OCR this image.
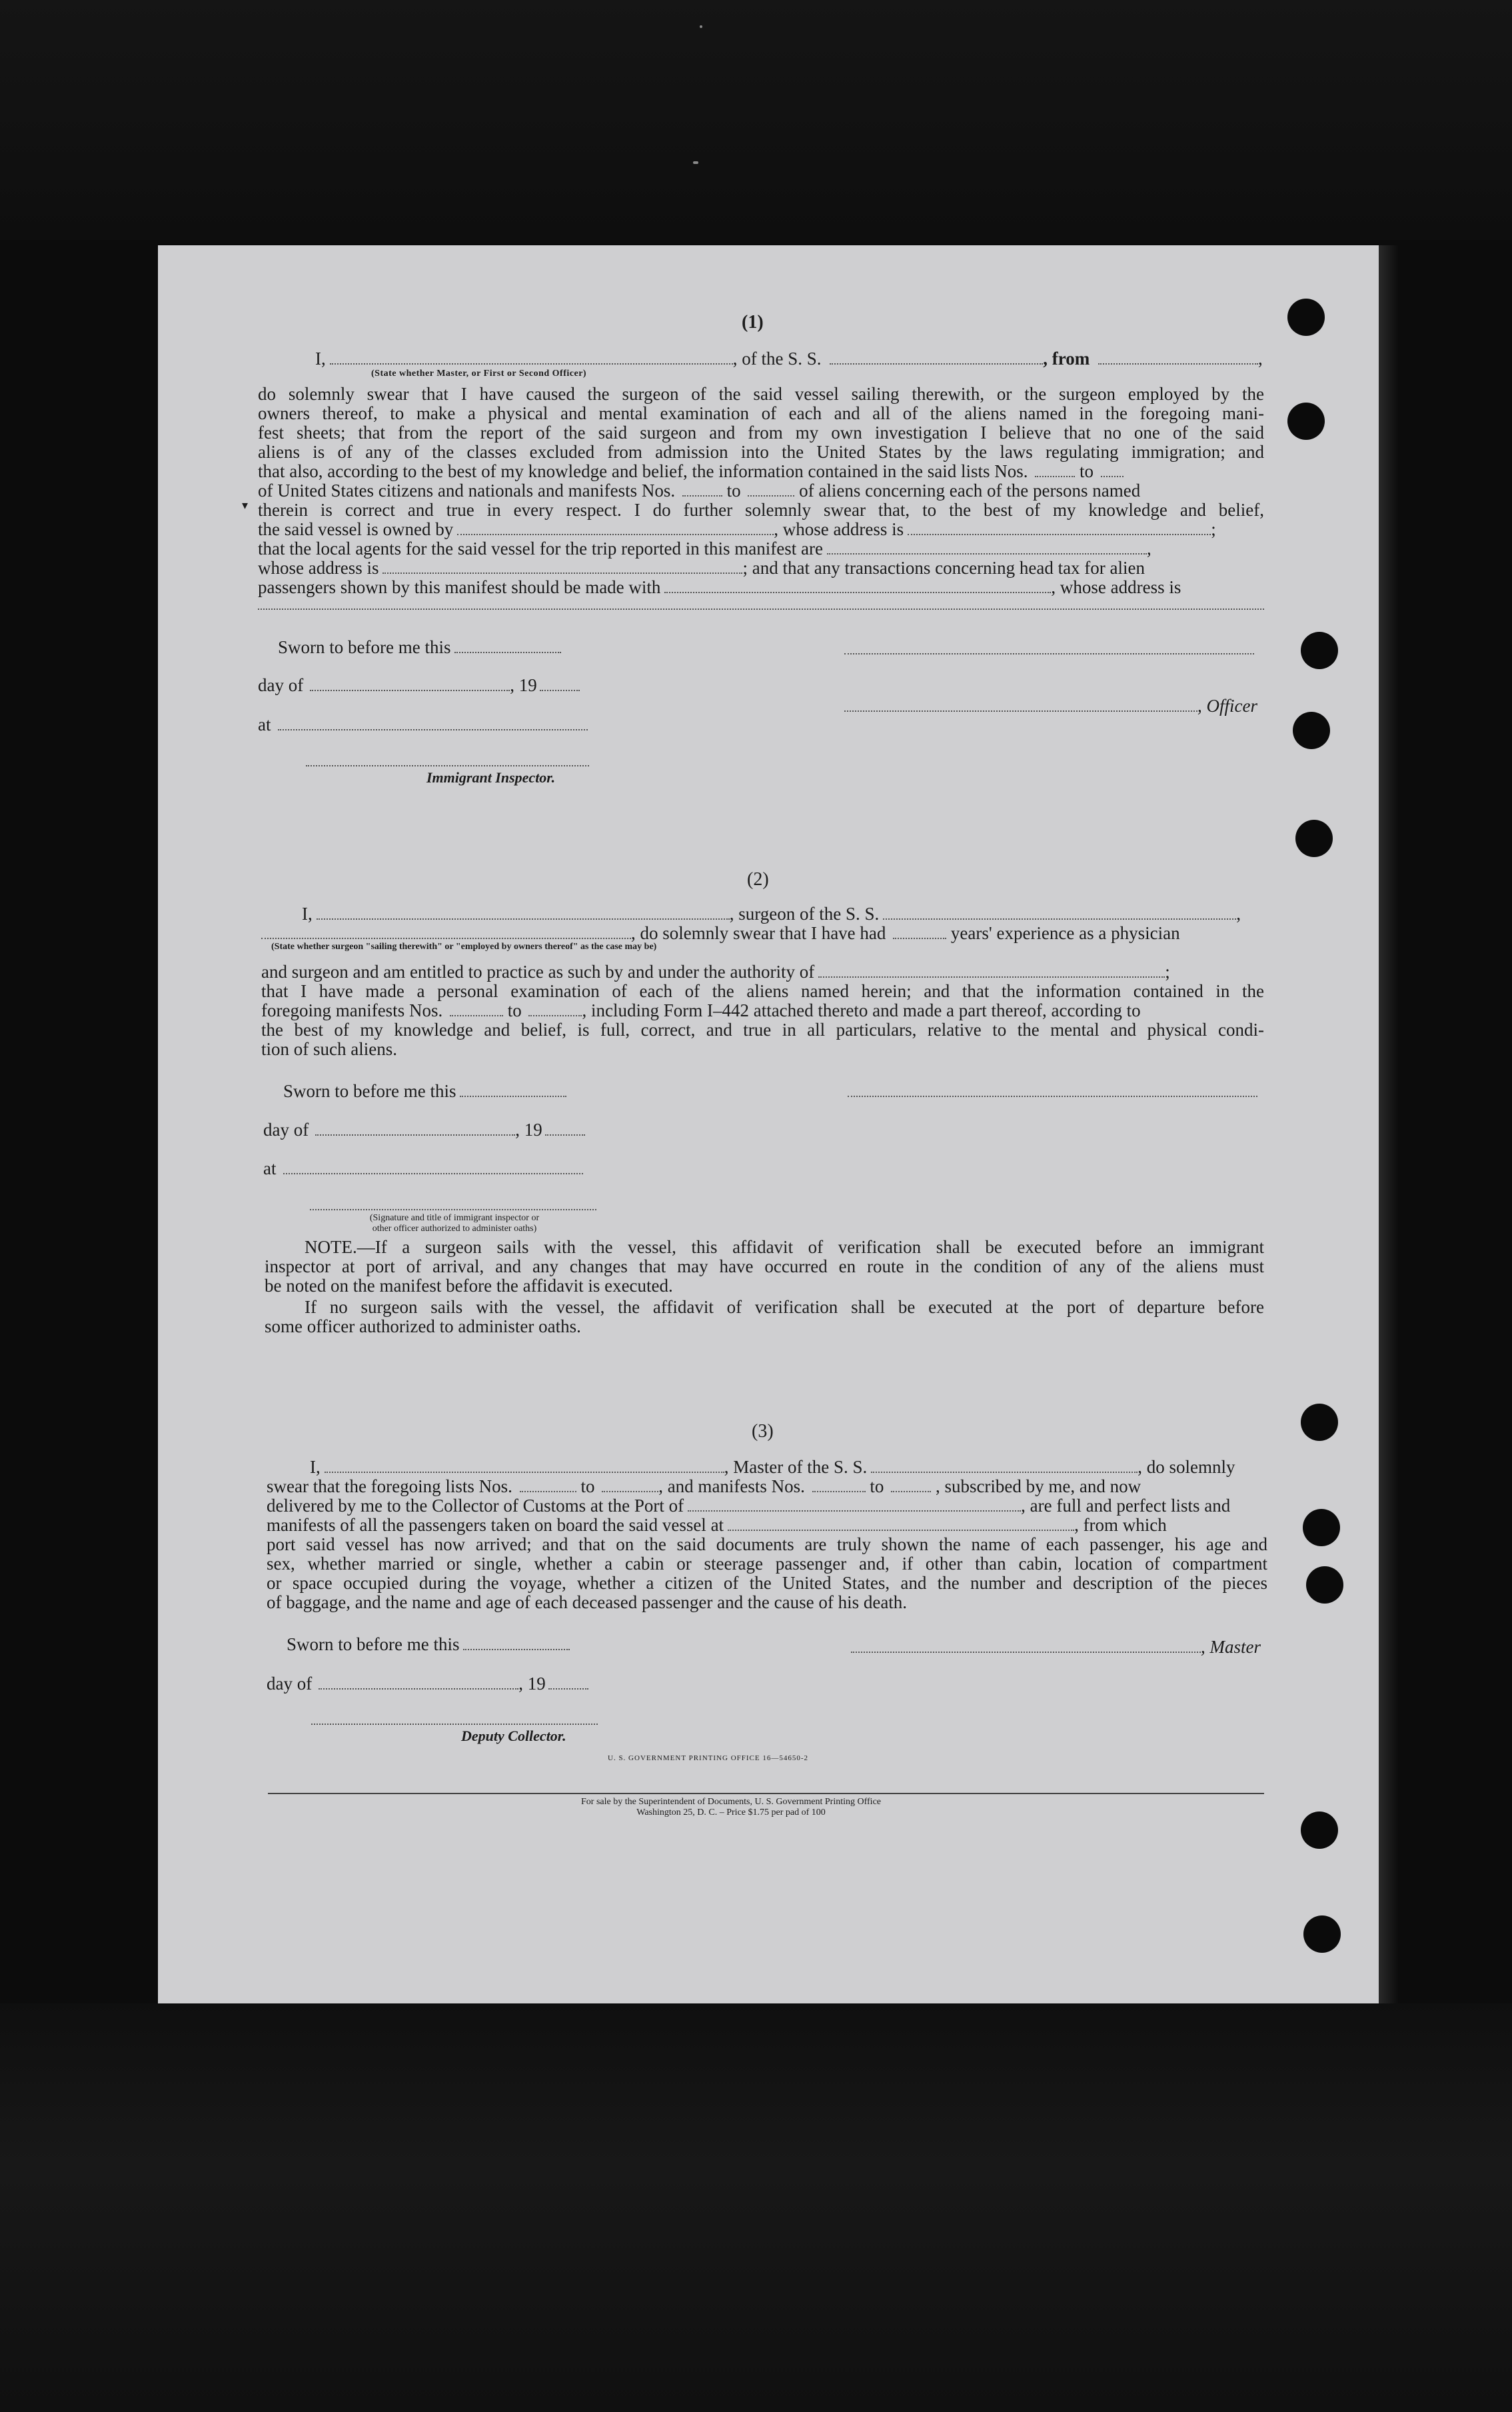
(1)
I,	, of the S. S.	, from	,
(State whether Master, or First or Second Officer)
do solemnly swear that I have caused the surgeon of the said vessel sailing therewith, or the surgeon employed by the
owners thereof, to make a physical and mental examination of each and all of the aliens named in the foregoing mani-
fest sheets; that from the report of the said surgeon and from my own investigation I believe that no one of the said
aliens is of any of the classes excluded from admission into the United States by the laws regulating immigration; and
that also, according to the best of my knowledge and belief, the information contained in the said lists Nos.	to
of United States citizens and nationals and manifests Nos.	to	of aliens concerning each of the persons named
therein is correct and true in every respect. I do further solemnly swear that, to the best of my knowledge and belief,
the said vessel is owned by	, whose address is	;
that the local agents for the said vessel for the trip reported in this manifest are	,
whose address is	; and that any transactions concerning head tax for alien
passengers shown by this manifest should be made with	, whose address is
Sworn to before me this
day of	, 19
, Officer
at
Immigrant Inspector.
(2)
I,	, surgeon of the S. S.	,
, do solemnly swear that I have had	years' experience as a physician
(State whether surgeon "sailing therewith" or "employed by owners thereof" as the case may be)
and surgeon and am entitled to practice as such by and under the authority of	;
that I have made a personal examination of each of the aliens named herein; and that the information contained in the
foregoing manifests Nos.	to	, including Form I–442 attached thereto and made a part thereof, according to
the best of my knowledge and belief, is full, correct, and true in all particulars, relative to the mental and physical condi-
tion of such aliens.
Sworn to before me this
day of	, 19
at
(Signature and title of immigrant inspector or
other officer authorized to administer oaths)
NOTE.—If a surgeon sails with the vessel, this affidavit of verification shall be executed before an immigrant
inspector at port of arrival, and any changes that may have occurred en route in the condition of any of the aliens must
be noted on the manifest before the affidavit is executed.
If no surgeon sails with the vessel, the affidavit of verification shall be executed at the port of departure before
some officer authorized to administer oaths.
(3)
I,	, Master of the S. S.	, do solemnly
swear that the foregoing lists Nos.	to	, and manifests Nos.	to	, subscribed by me, and now
delivered by me to the Collector of Customs at the Port of	, are full and perfect lists and
manifests of all the passengers taken on board the said vessel at	, from which
port said vessel has now arrived; and that on the said documents are truly shown the name of each passenger, his age and
sex, whether married or single, whether a cabin or steerage passenger and, if other than cabin, location of compartment
or space occupied during the voyage, whether a citizen of the United States, and the number and description of the pieces
of baggage, and the name and age of each deceased passenger and the cause of his death.
Sworn to before me this	, Master
day of	, 19
Deputy Collector.
U. S. GOVERNMENT PRINTING OFFICE 16—54650-2
For sale by the Superintendent of Documents, U. S. Government Printing Office
Washington 25, D. C. – Price $1.75 per pad of 100
▾
